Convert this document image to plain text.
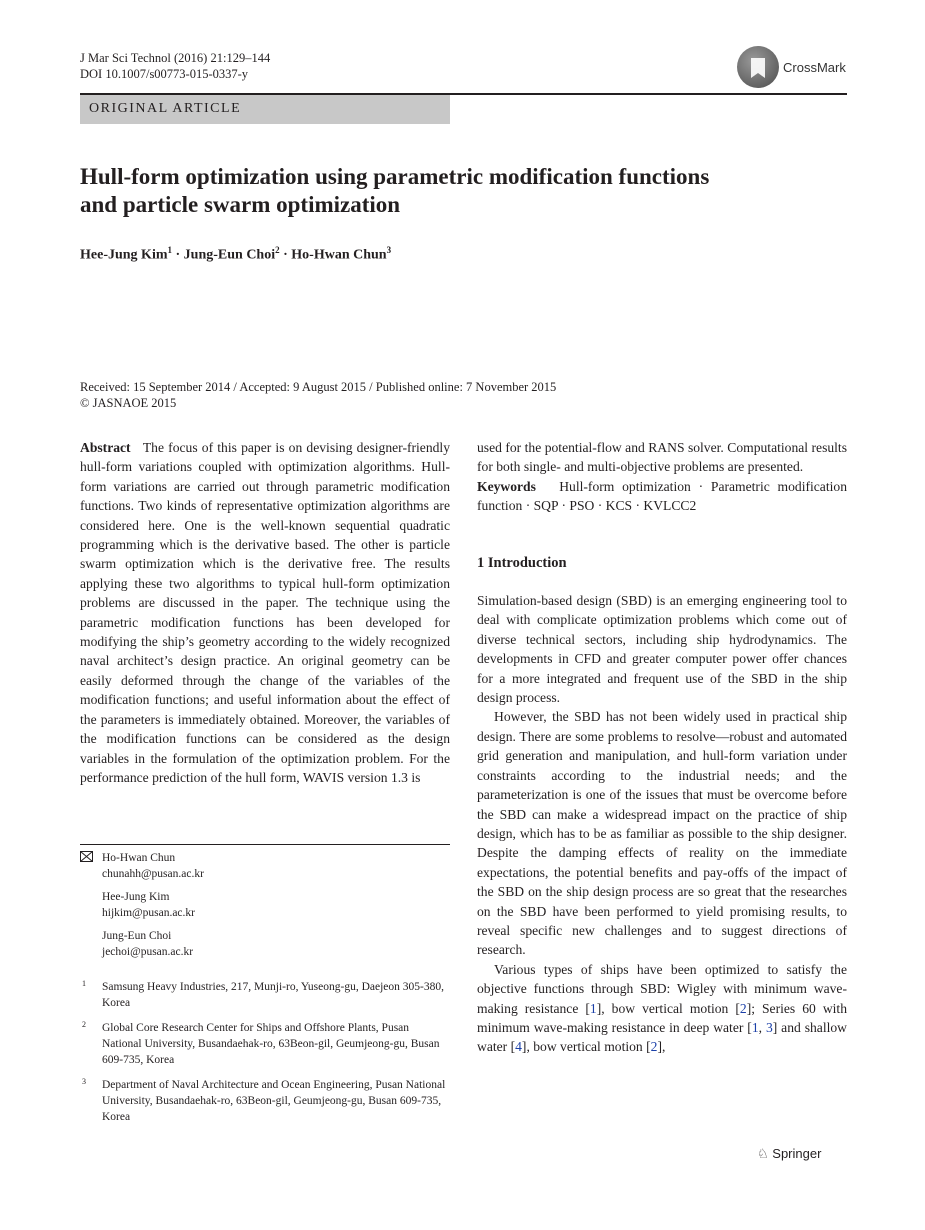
J Mar Sci Technol (2016) 21:129–144
DOI 10.1007/s00773-015-0337-y	CrossMark
ORIGINAL ARTICLE
Hull-form optimization using parametric modification functions
and particle swarm optimization
Hee-Jung Kim$^1$ · Jung-Eun Choi$^2$ · Ho-Hwan Chun$^3$
Received: 15 September 2014 / Accepted: 9 August 2015 / Published online: 7 November 2015
© JASNAOE 2015

Abstract The focus of this paper is on devising designer-friendly hull-form variations coupled with optimization algorithms. Hull-form variations are carried out through parametric modification functions. Two kinds of representative optimization algorithms are considered here. One is the well-known sequential quadratic programming which is the derivative based. The other is particle swarm optimization which is the derivative free. The results applying these two algorithms to typical hull-form optimization problems are discussed in the paper. The technique using the parametric modification functions has been developed for modifying the ship’s geometry according to the widely recognized naval architect’s design practice. An original geometry can be easily deformed through the change of the variables of the modification functions; and useful information about the effect of the parameters is immediately obtained. Moreover, the variables of the modification functions can be considered as the design variables in the formulation of the optimization problem. For the performance prediction of the hull form, WAVIS version 1.3 is

Ho-Hwan Chun
chunahh@pusan.ac.kr
Hee-Jung Kim
hijkim@pusan.ac.kr
Jung-Eun Choi
jechoi@pusan.ac.kr
1 Samsung Heavy Industries, 217, Munji-ro, Yuseong-gu, Daejeon 305-380, Korea
2 Global Core Research Center for Ships and Offshore Plants, Pusan National University, Busandaehak-ro, 63Beon-gil, Geumjeong-gu, Busan 609-735, Korea
3 Department of Naval Architecture and Ocean Engineering, Pusan National University, Busandaehak-ro, 63Beon-gil, Geumjeong-gu, Busan 609-735, Korea

used for the potential-flow and RANS solver. Computational results for both single- and multi-objective problems are presented.

Keywords Hull-form optimization · Parametric modification function · SQP · PSO · KCS · KVLCC2

1 Introduction

Simulation-based design (SBD) is an emerging engineering tool to deal with complicate optimization problems which come out of diverse technical sectors, including ship hydrodynamics. The developments in CFD and greater computer power offer chances for a more integrated and frequent use of the SBD in the ship design process.

However, the SBD has not been widely used in practical ship design. There are some problems to resolve—robust and automated grid generation and manipulation, and hull-form variation under constraints according to the industrial needs; and the parameterization is one of the issues that must be overcome before the SBD can make a widespread impact on the practice of ship design, which has to be as familiar as possible to the ship designer. Despite the damping effects of reality on the immediate expectations, the potential benefits and pay-offs of the impact of the SBD on the ship design process are so great that the researches on the SBD have been performed to yield promising results, to reveal specific new challenges and to suggest directions of research.

Various types of ships have been optimized to satisfy the objective functions through SBD: Wigley with minimum wave-making resistance [1], bow vertical motion [2]; Series 60 with minimum wave-making resistance in deep water [1, 3] and shallow water [4], bow vertical motion [2],

♘ Springer
